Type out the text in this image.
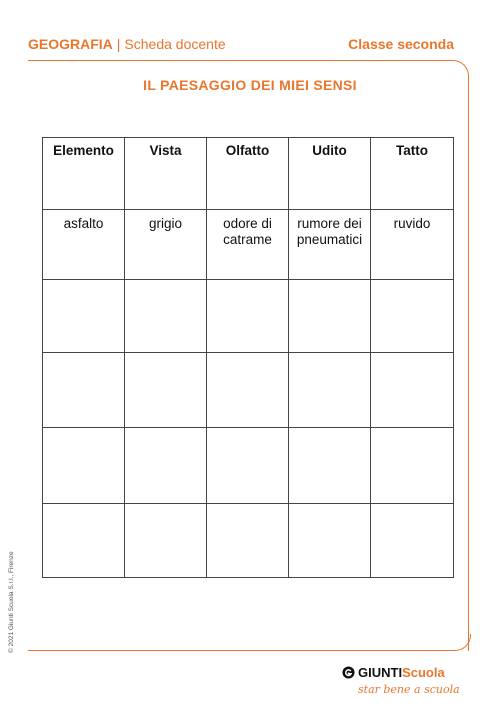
GEOGRAFIA | Scheda docente	Classe seconda
IL PAESAGGIO DEI MIEI SENSI
Elemento	Vista	Olfatto	Udito	Tatto
asfalto	grigio	odore di catrame	rumore dei pneumatici	ruvido

© 2021 Giunti Scuola S.r.l., Firenze
GIUNTIScuola
star bene a scuola
